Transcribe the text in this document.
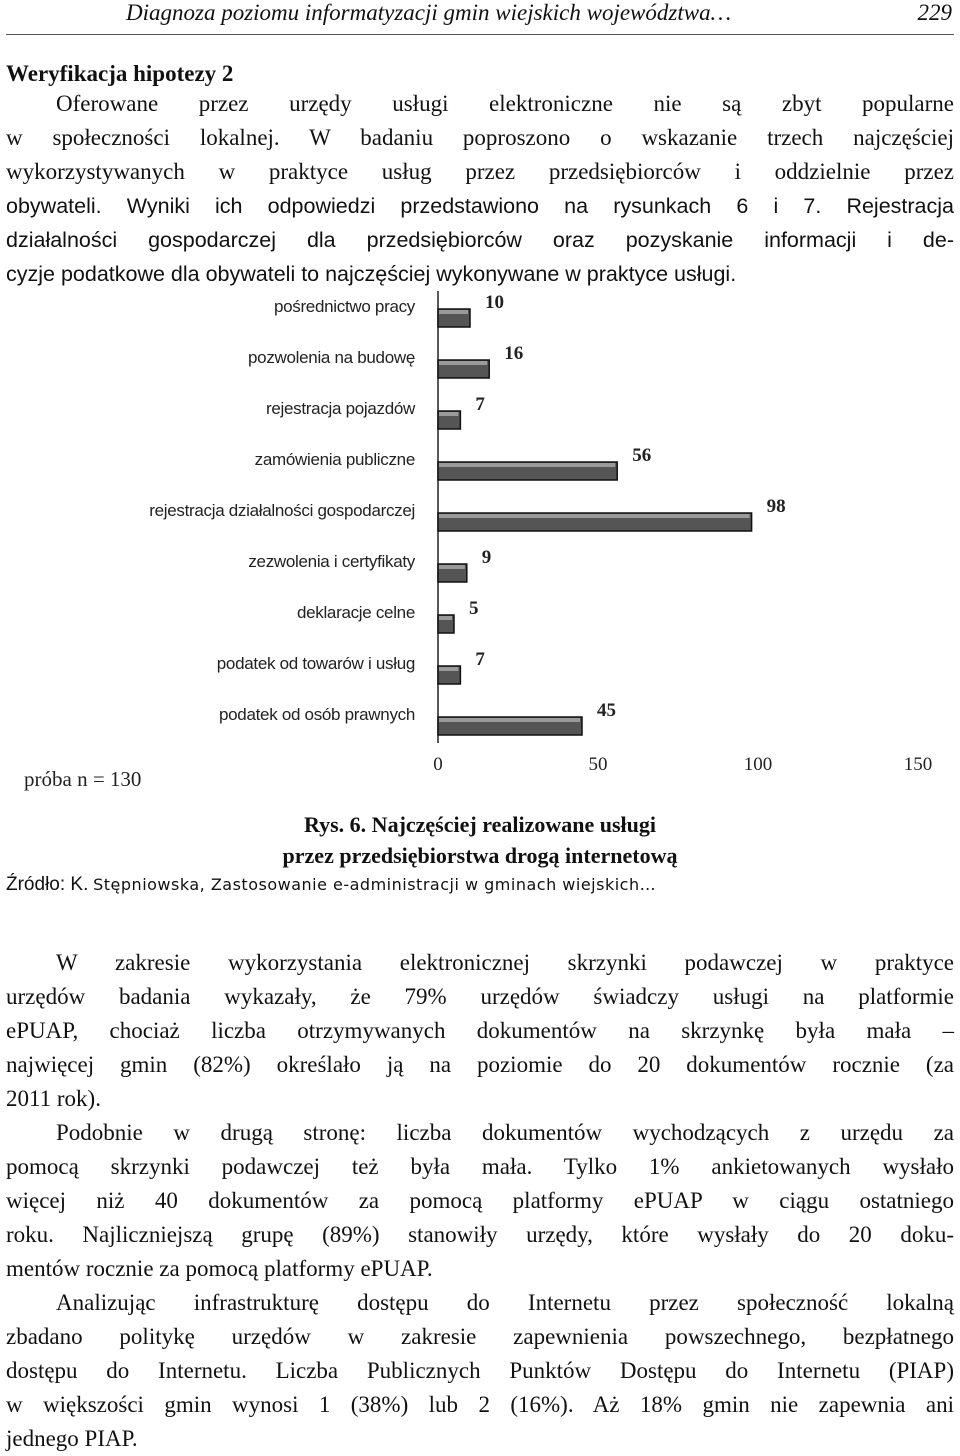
Diagnoza poziomu informatyzacji gmin wiejskich województwa…	229
Weryfikacja hipotezy 2
Oferowane przez urzędy usługi elektroniczne nie są zbyt popularne
w społeczności lokalnej. W badaniu poproszono o wskazanie trzech najczęściej
wykorzystywanych w praktyce usług przez przedsiębiorców i oddzielnie przez
obywateli. Wyniki ich odpowiedzi przedstawiono na rysunkach 6 i 7. Rejestracja
działalności gospodarczej dla przedsiębiorców oraz pozyskanie informacji i de-
cyzje podatkowe dla obywateli to najczęściej wykonywane w praktyce usługi.
pośrednictwo pracy	10
pozwolenia na budowę	16
rejestracja pojazdów	7
zamówienia publiczne	56
rejestracja działalności gospodarczej	98
zezwolenia i certyfikaty	9
deklaracje celne	5
podatek od towarów i usług	7
podatek od osób prawnych	45
0	50	100	150
próba n = 130
Rys. 6. Najczęściej realizowane usługi
przez przedsiębiorstwa drogą internetową
Źródło: K. Stępniowska, Zastosowanie e-administracji w gminach wiejskich…
W zakresie wykorzystania elektronicznej skrzynki podawczej w praktyce
urzędów badania wykazały, że 79% urzędów świadczy usługi na platformie
ePUAP, chociaż liczba otrzymywanych dokumentów na skrzynkę była mała –
najwięcej gmin (82%) określało ją na poziomie do 20 dokumentów rocznie (za
2011 rok).
Podobnie w drugą stronę: liczba dokumentów wychodzących z urzędu za
pomocą skrzynki podawczej też była mała. Tylko 1% ankietowanych wysłało
więcej niż 40 dokumentów za pomocą platformy ePUAP w ciągu ostatniego
roku. Najliczniejszą grupę (89%) stanowiły urzędy, które wysłały do 20 doku-
mentów rocznie za pomocą platformy ePUAP.
Analizując infrastrukturę dostępu do Internetu przez społeczność lokalną
zbadano politykę urzędów w zakresie zapewnienia powszechnego, bezpłatnego
dostępu do Internetu. Liczba Publicznych Punktów Dostępu do Internetu (PIAP)
w większości gmin wynosi 1 (38%) lub 2 (16%). Aż 18% gmin nie zapewnia ani
jednego PIAP.
